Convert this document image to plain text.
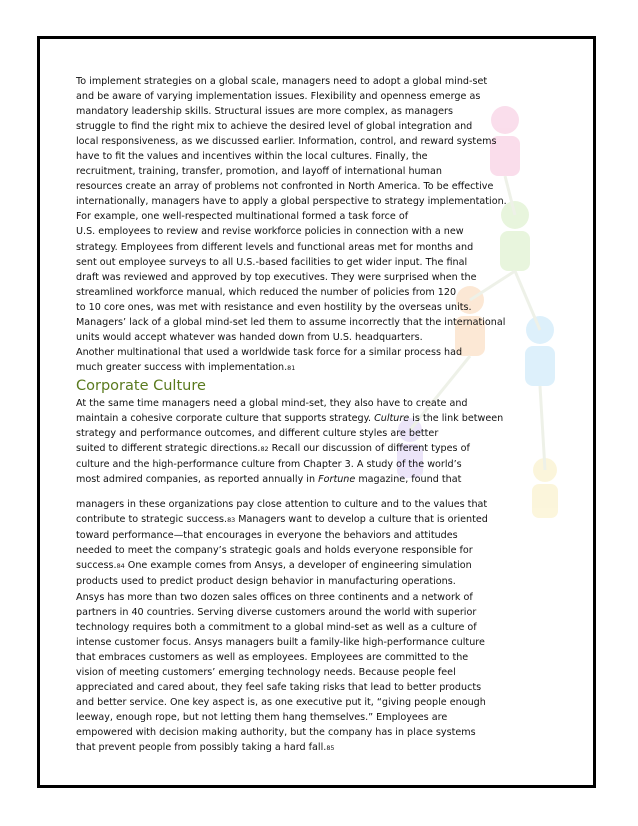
To implement strategies on a global scale, managers need to adopt a global mind-set
and be aware of varying implementation issues. Flexibility and openness emerge as
mandatory leadership skills. Structural issues are more complex, as managers
struggle to find the right mix to achieve the desired level of global integration and
local responsiveness, as we discussed earlier. Information, control, and reward systems
have to fit the values and incentives within the local cultures. Finally, the
recruitment, training, transfer, promotion, and layoff of international human
resources create an array of problems not confronted in North America. To be effective
internationally, managers have to apply a global perspective to strategy implementation.
For example, one well-respected multinational formed a task force of
U.S. employees to review and revise workforce policies in connection with a new
strategy. Employees from different levels and functional areas met for months and
sent out employee surveys to all U.S.-based facilities to get wider input. The final
draft was reviewed and approved by top executives. They were surprised when the
streamlined workforce manual, which reduced the number of policies from 120
to 10 core ones, was met with resistance and even hostility by the overseas units.
Managers’ lack of a global mind-set led them to assume incorrectly that the international
units would accept whatever was handed down from U.S. headquarters.
Another multinational that used a worldwide task force for a similar process had
much greater success with implementation.81
Corporate Culture
At the same time managers need a global mind-set, they also have to create and
maintain a cohesive corporate culture that supports strategy. Culture is the link between
strategy and performance outcomes, and different culture styles are better
suited to different strategic directions.82 Recall our discussion of different types of
culture and the high-performance culture from Chapter 3. A study of the world’s
most admired companies, as reported annually in Fortune magazine, found that
managers in these organizations pay close attention to culture and to the values that
contribute to strategic success.83 Managers want to develop a culture that is oriented
toward performance—that encourages in everyone the behaviors and attitudes
needed to meet the company’s strategic goals and holds everyone responsible for
success.84 One example comes from Ansys, a developer of engineering simulation
products used to predict product design behavior in manufacturing operations.
Ansys has more than two dozen sales offices on three continents and a network of
partners in 40 countries. Serving diverse customers around the world with superior
technology requires both a commitment to a global mind-set as well as a culture of
intense customer focus. Ansys managers built a family-like high-performance culture
that embraces customers as well as employees. Employees are committed to the
vision of meeting customers’ emerging technology needs. Because people feel
appreciated and cared about, they feel safe taking risks that lead to better products
and better service. One key aspect is, as one executive put it, “giving people enough
leeway, enough rope, but not letting them hang themselves.” Employees are
empowered with decision making authority, but the company has in place systems
that prevent people from possibly taking a hard fall.85
